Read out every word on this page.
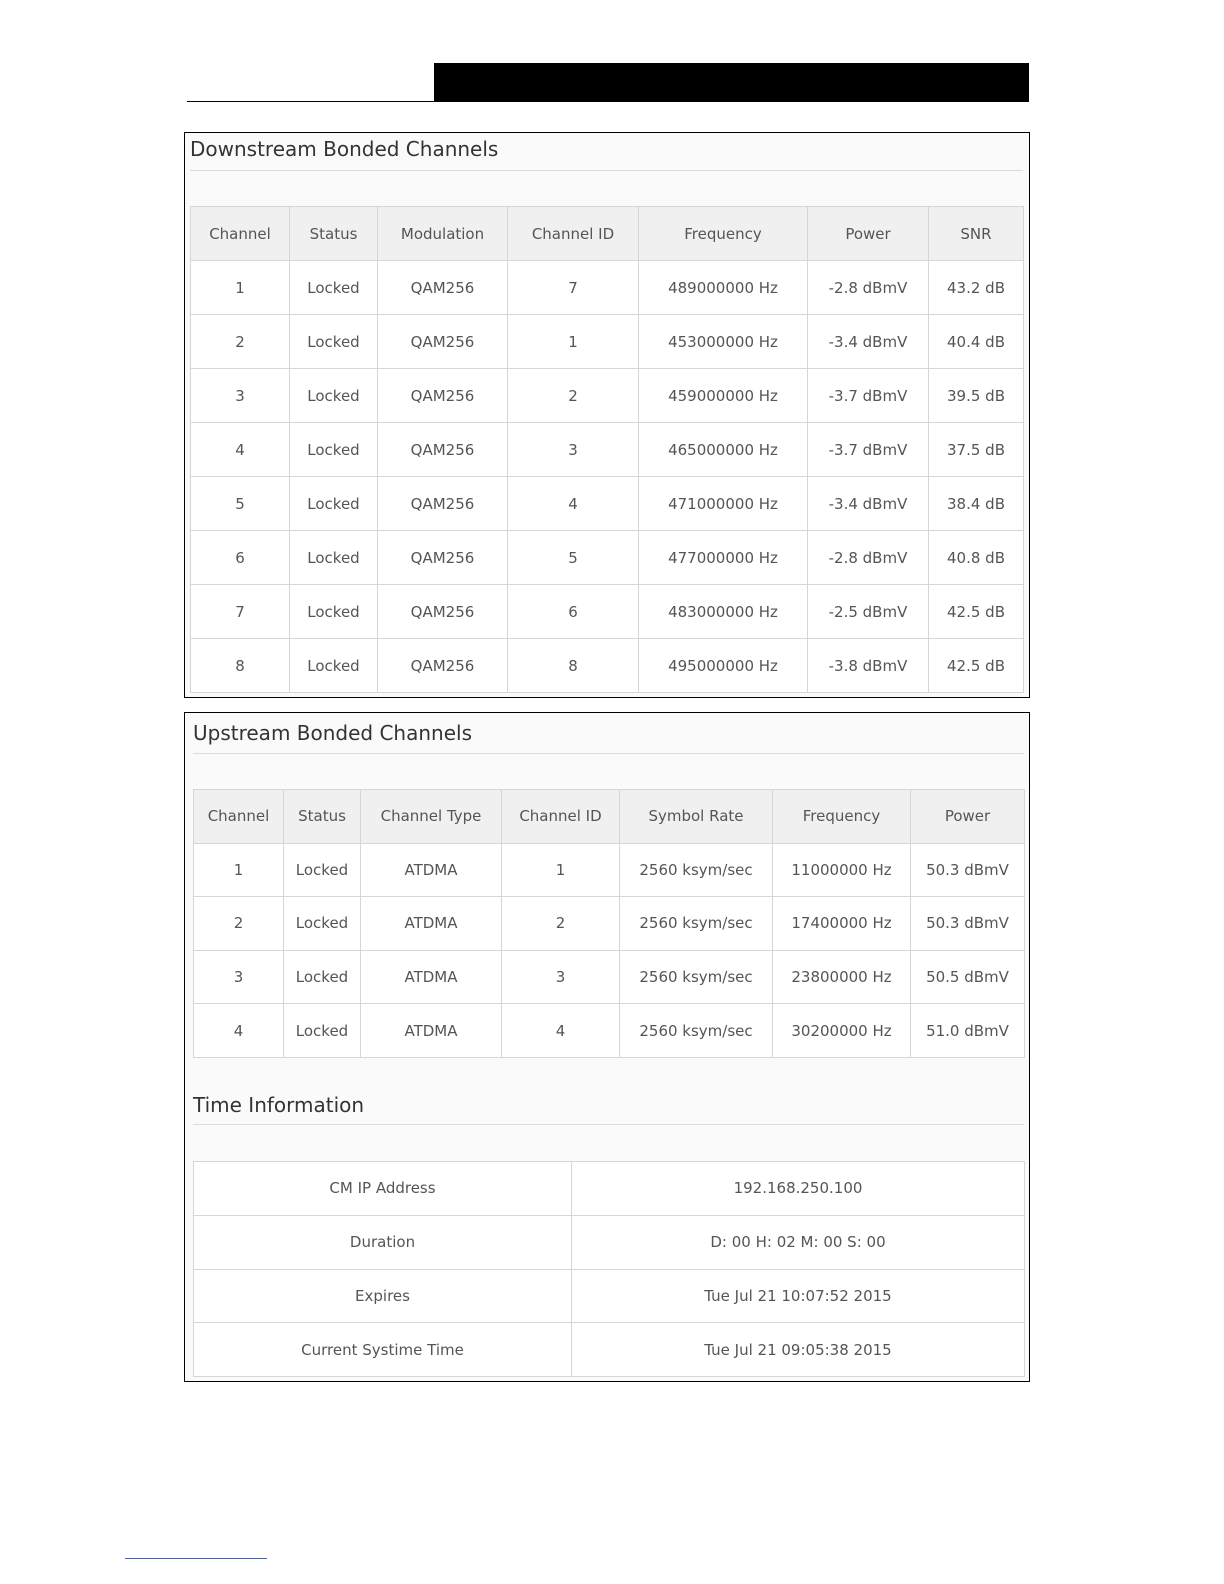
Downstream Bonded Channels
Channel	Status	Modulation	Channel ID	Frequency	Power	SNR
1	Locked	QAM256	7	489000000 Hz	-2.8 dBmV	43.2 dB
2	Locked	QAM256	1	453000000 Hz	-3.4 dBmV	40.4 dB
3	Locked	QAM256	2	459000000 Hz	-3.7 dBmV	39.5 dB
4	Locked	QAM256	3	465000000 Hz	-3.7 dBmV	37.5 dB
5	Locked	QAM256	4	471000000 Hz	-3.4 dBmV	38.4 dB
6	Locked	QAM256	5	477000000 Hz	-2.8 dBmV	40.8 dB
7	Locked	QAM256	6	483000000 Hz	-2.5 dBmV	42.5 dB
8	Locked	QAM256	8	495000000 Hz	-3.8 dBmV	42.5 dB
Upstream Bonded Channels
Channel	Status	Channel Type	Channel ID	Symbol Rate	Frequency	Power
1	Locked	ATDMA	1	2560 ksym/sec	11000000 Hz	50.3 dBmV
2	Locked	ATDMA	2	2560 ksym/sec	17400000 Hz	50.3 dBmV
3	Locked	ATDMA	3	2560 ksym/sec	23800000 Hz	50.5 dBmV
4	Locked	ATDMA	4	2560 ksym/sec	30200000 Hz	51.0 dBmV
Time Information
CM IP Address	192.168.250.100
Duration	D: 00 H: 02 M: 00 S: 00
Expires	Tue Jul 21 10:07:52 2015
Current Systime Time	Tue Jul 21 09:05:38 2015
